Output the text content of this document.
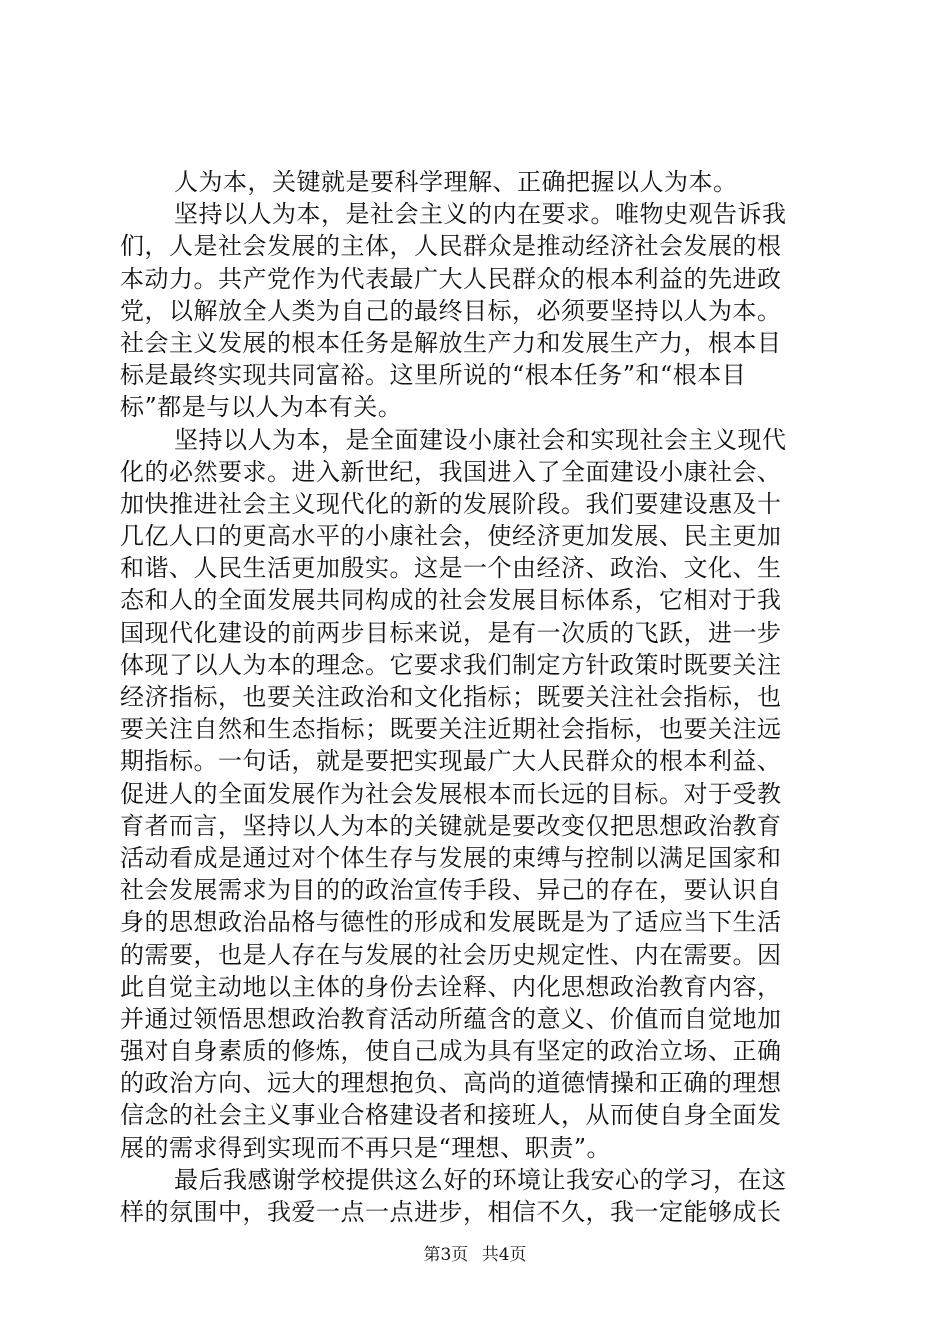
人为本，关键就是要科学理解、正确把握以人为本。
坚持以人为本，是社会主义的内在要求。唯物史观告诉我
们，人是社会发展的主体，人民群众是推动经济社会发展的根
本动力。共产党作为代表最广大人民群众的根本利益的先进政
党，以解放全人类为自己的最终目标，必须要坚持以人为本。
社会主义发展的根本任务是解放生产力和发展生产力，根本目
标是最终实现共同富裕。这里所说的“根本任务”和“根本目
标”都是与以人为本有关。
坚持以人为本，是全面建设小康社会和实现社会主义现代
化的必然要求。进入新世纪，我国进入了全面建设小康社会、
加快推进社会主义现代化的新的发展阶段。我们要建设惠及十
几亿人口的更高水平的小康社会，使经济更加发展、民主更加
和谐、人民生活更加殷实。这是一个由经济、政治、文化、生
态和人的全面发展共同构成的社会发展目标体系，它相对于我
国现代化建设的前两步目标来说，是有一次质的飞跃，进一步
体现了以人为本的理念。它要求我们制定方针政策时既要关注
经济指标，也要关注政治和文化指标；既要关注社会指标，也
要关注自然和生态指标；既要关注近期社会指标，也要关注远
期指标。一句话，就是要把实现最广大人民群众的根本利益、
促进人的全面发展作为社会发展根本而长远的目标。对于受教
育者而言，坚持以人为本的关键就是要改变仅把思想政治教育
活动看成是通过对个体生存与发展的束缚与控制以满足国家和
社会发展需求为目的的政治宣传手段、异己的存在，要认识自
身的思想政治品格与德性的形成和发展既是为了适应当下生活
的需要，也是人存在与发展的社会历史规定性、内在需要。因
此自觉主动地以主体的身份去诠释、内化思想政治教育内容，
并通过领悟思想政治教育活动所蕴含的意义、价值而自觉地加
强对自身素质的修炼，使自己成为具有坚定的政治立场、正确
的政治方向、远大的理想抱负、高尚的道德情操和正确的理想
信念的社会主义事业合格建设者和接班人，从而使自身全面发
展的需求得到实现而不再只是“理想、职责”。
最后我感谢学校提供这么好的环境让我安心的学习，在这
样的氛围中，我爱一点一点进步，相信不久，我一定能够成长
第3页 共4页
